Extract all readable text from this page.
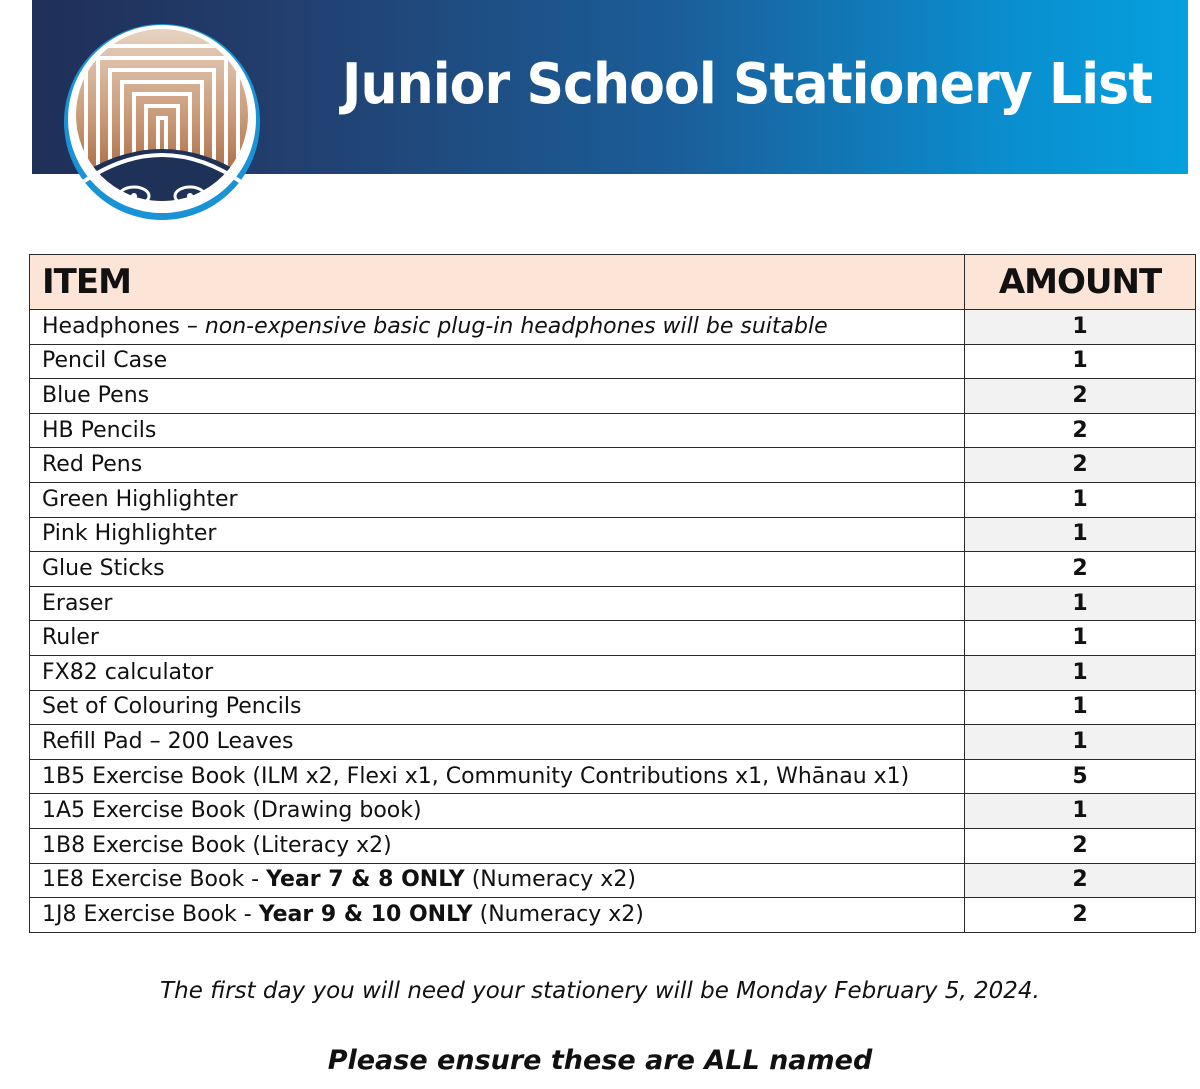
Junior School Stationery List
ITEM	AMOUNT
Headphones – non-expensive basic plug-in headphones will be suitable	1
Pencil Case	1
Blue Pens	2
HB Pencils	2
Red Pens	2
Green Highlighter	1
Pink Highlighter	1
Glue Sticks	2
Eraser	1
Ruler	1
FX82 calculator	1
Set of Colouring Pencils	1
Refill Pad – 200 Leaves	1
1B5 Exercise Book (ILM x2, Flexi x1, Community Contributions x1, Whānau x1)	5
1A5 Exercise Book (Drawing book)	1
1B8 Exercise Book (Literacy x2)	2
1E8 Exercise Book - Year 7 & 8 ONLY (Numeracy x2)	2
1J8 Exercise Book - Year 9 & 10 ONLY (Numeracy x2)	2

The first day you will need your stationery will be Monday February 5, 2024.

Please ensure these are ALL named
